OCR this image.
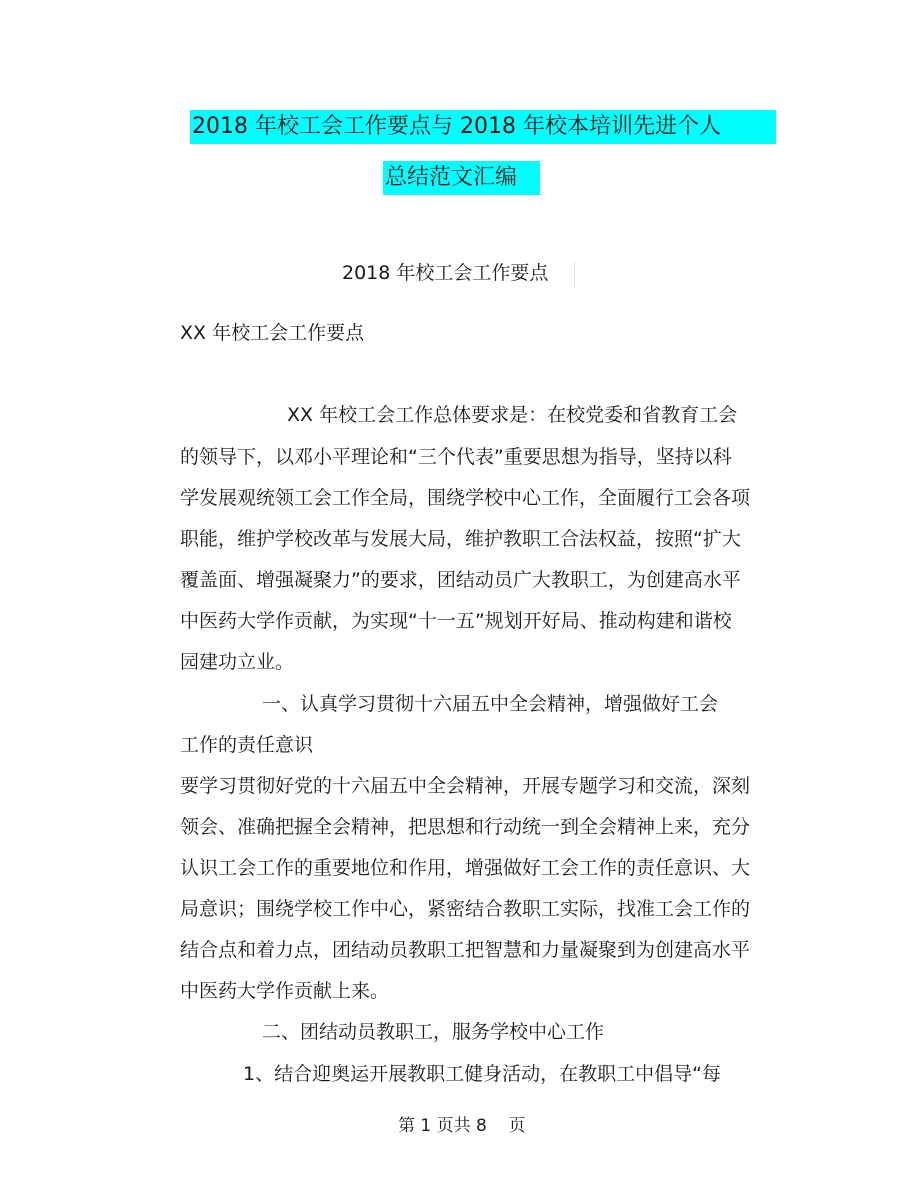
2018 年校工会工作要点与 2018 年校本培训先进个人
总结范文汇编
2018 年校工会工作要点
XX 年校工会工作要点
XX 年校工会工作总体要求是：在校党委和省教育工会
的领导下，以邓小平理论和“三个代表”重要思想为指导，坚持以科
学发展观统领工会工作全局，围绕学校中心工作，全面履行工会各项
职能，维护学校改革与发展大局，维护教职工合法权益，按照“扩大
覆盖面、增强凝聚力”的要求，团结动员广大教职工，为创建高水平
中医药大学作贡献，为实现“十一五”规划开好局、推动构建和谐校
园建功立业。
一、认真学习贯彻十六届五中全会精神，增强做好工会
工作的责任意识
要学习贯彻好党的十六届五中全会精神，开展专题学习和交流，深刻
领会、准确把握全会精神，把思想和行动统一到全会精神上来，充分
认识工会工作的重要地位和作用，增强做好工会工作的责任意识、大
局意识；围绕学校工作中心，紧密结合教职工实际，找准工会工作的
结合点和着力点，团结动员教职工把智慧和力量凝聚到为创建高水平
中医药大学作贡献上来。
二、团结动员教职工，服务学校中心工作
1、结合迎奥运开展教职工健身活动，在教职工中倡导“每
第 1 页共 8    页
